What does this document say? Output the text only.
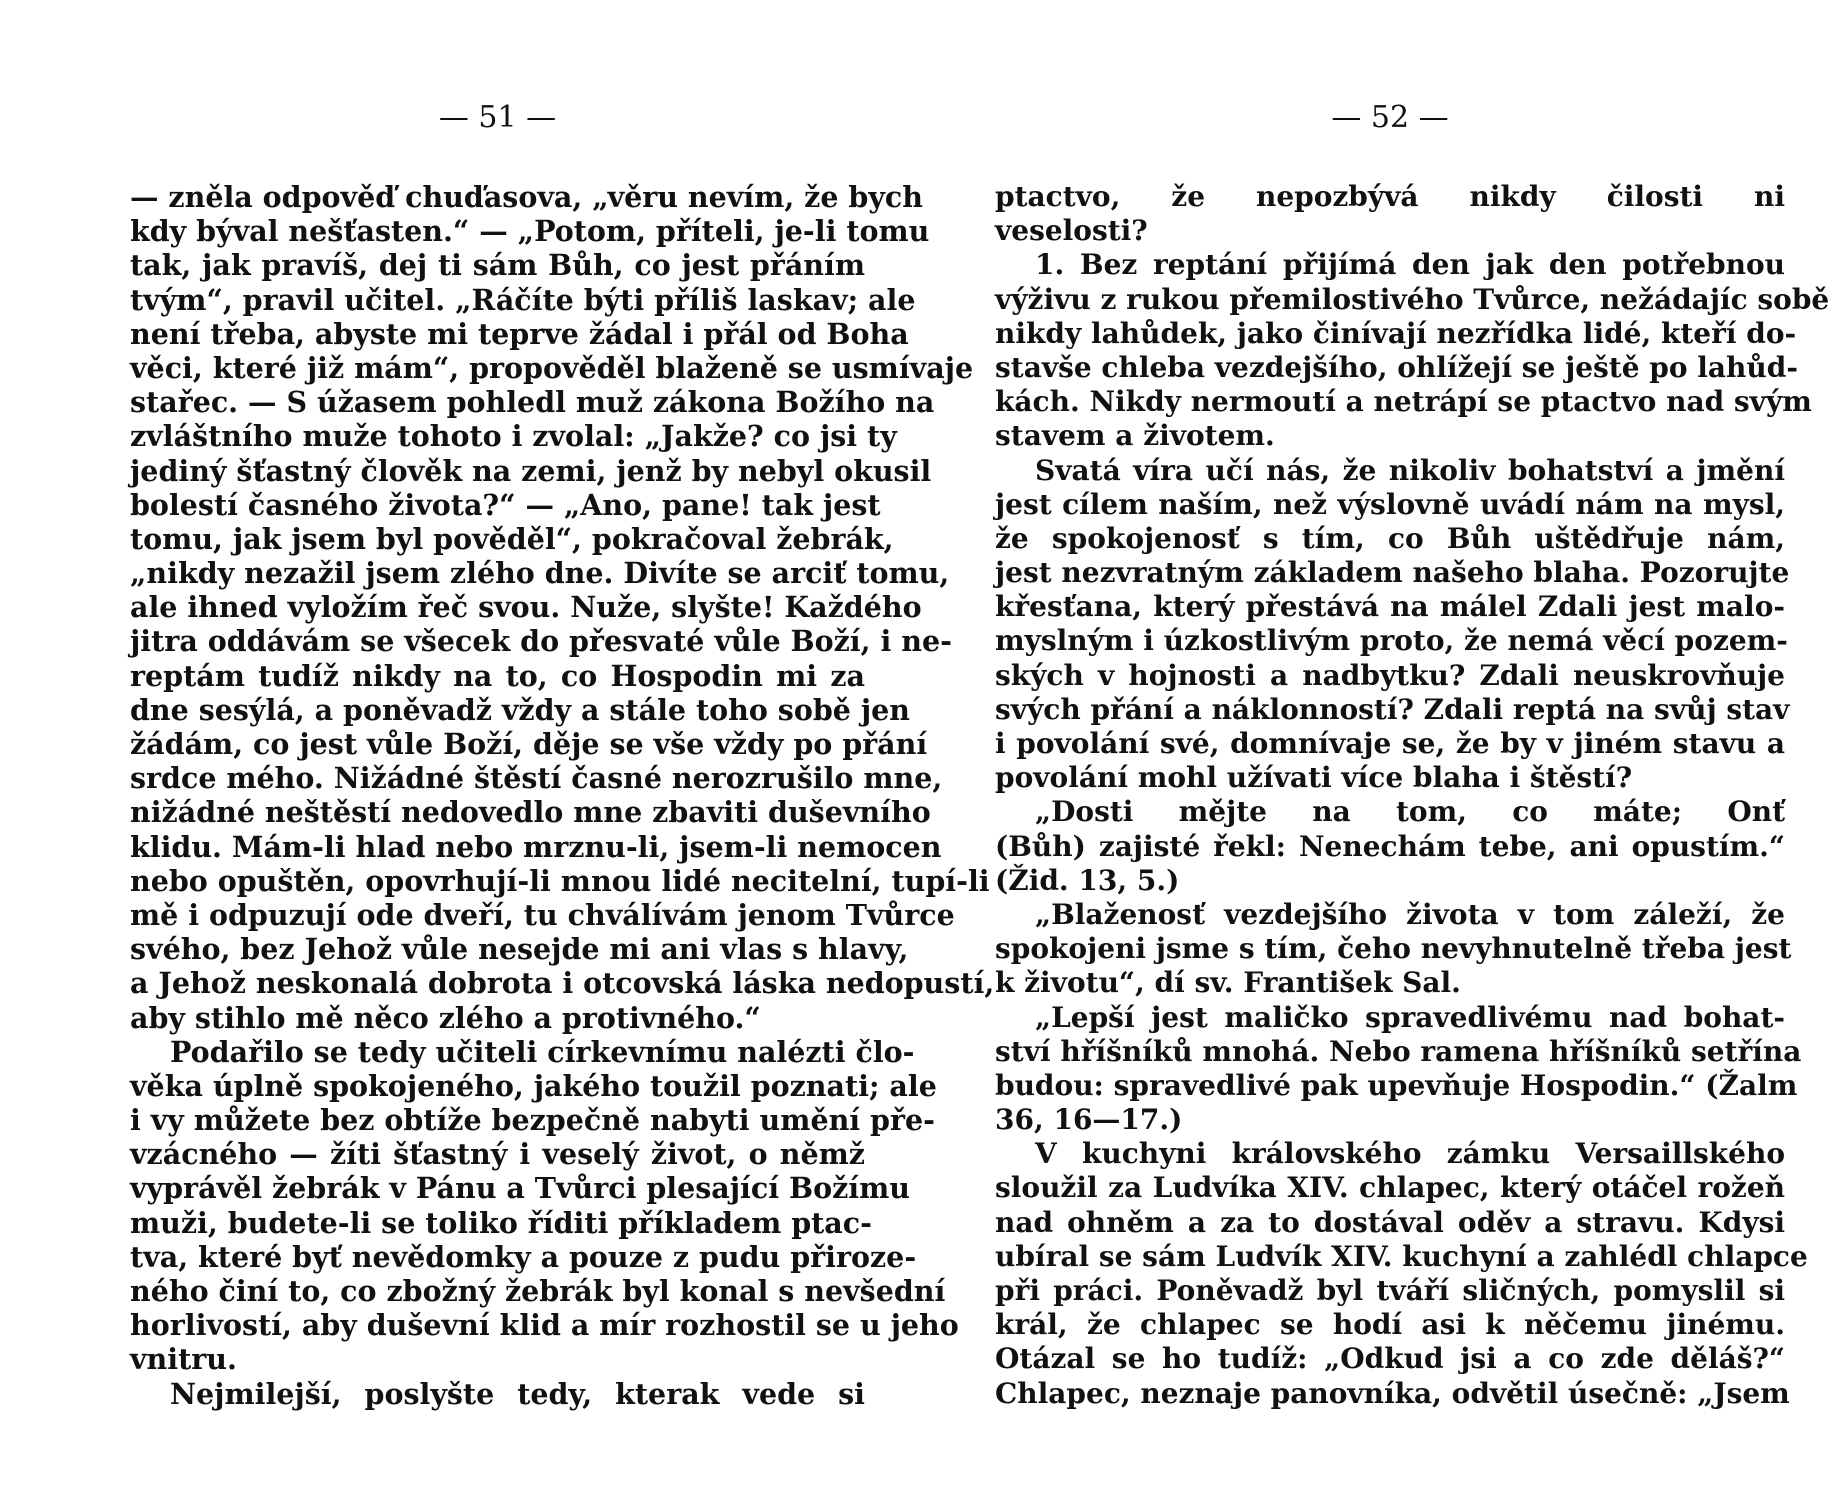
— 51 —
— zněla odpověď chuďasova, „věru nevím, že bych
kdy býval nešťasten.“ — „Potom, příteli, je-li tomu
tak, jak pravíš, dej ti sám Bůh, co jest přáním
tvým“, pravil učitel. „Ráčíte býti příliš laskav; ale
není třeba, abyste mi teprve žádal i přál od Boha
věci, které již mám“, propověděl blaženě se usmívaje
stařec. — S úžasem pohledl muž zákona Božího na
zvláštního muže tohoto i zvolal: „Jakže? co jsi ty
jediný šťastný člověk na zemi, jenž by nebyl okusil
bolestí časného života?“ — „Ano, pane! tak jest
tomu, jak jsem byl pověděl“, pokračoval žebrák,
„nikdy nezažil jsem zlého dne. Divíte se arciť tomu,
ale ihned vyložím řeč svou. Nuže, slyšte! Každého
jitra oddávám se všecek do přesvaté vůle Boží, i ne-
reptám tudíž nikdy na to, co Hospodin mi za
dne sesýlá, a poněvadž vždy a stále toho sobě jen
žádám, co jest vůle Boží, děje se vše vždy po přání
srdce mého. Nižádné štěstí časné nerozrušilo mne,
nižádné neštěstí nedovedlo mne zbaviti duševního
klidu. Mám-li hlad nebo mrznu-li, jsem-li nemocen
nebo opuštěn, opovrhují-li mnou lidé necitelní, tupí-li
mě i odpuzují ode dveří, tu chválívám jenom Tvůrce
svého, bez Jehož vůle nesejde mi ani vlas s hlavy,
a Jehož neskonalá dobrota i otcovská láska nedopustí,
aby stihlo mě něco zlého a protivného.“
Podařilo se tedy učiteli církevnímu nalézti člo-
věka úplně spokojeného, jakého toužil poznati; ale
i vy můžete bez obtíže bezpečně nabyti umění pře-
vzácného — žíti šťastný i veselý život, o němž
vyprávěl žebrák v Pánu a Tvůrci plesající Božímu
muži, budete-li se toliko říditi příkladem ptac-
tva, které byť nevědomky a pouze z pudu přiroze-
ného činí to, co zbožný žebrák byl konal s nevšední
horlivostí, aby duševní klid a mír rozhostil se u jeho
vnitru.
Nejmilejší, poslyšte tedy, kterak vede si
— 52 —
ptactvo, že nepozbývá nikdy čilosti ni
veselosti?
1. Bez reptání přijímá den jak den potřebnou
výživu z rukou přemilostivého Tvůrce, nežádajíc sobě
nikdy lahůdek, jako činívají nezřídka lidé, kteří do-
stavše chleba vezdejšího, ohlížejí se ještě po lahůd-
kách. Nikdy nermoutí a netrápí se ptactvo nad svým
stavem a životem.
Svatá víra učí nás, že nikoliv bohatství a jmění
jest cílem naším, než výslovně uvádí nám na mysl,
že spokojenosť s tím, co Bůh uštědřuje nám,
jest nezvratným základem našeho blaha. Pozorujte
křesťana, který přestává na málel Zdali jest malo-
myslným i úzkostlivým proto, že nemá věcí pozem-
ských v hojnosti a nadbytku? Zdali neuskrovňuje
svých přání a náklonností? Zdali reptá na svůj stav
i povolání své, domnívaje se, že by v jiném stavu a
povolání mohl užívati více blaha i štěstí?
„Dosti mějte na tom, co máte; Onť
(Bůh) zajisté řekl: Nenechám tebe, ani opustím.“
(Žid. 13, 5.)
„Blaženosť vezdejšího života v tom záleží, že
spokojeni jsme s tím, čeho nevyhnutelně třeba jest
k životu“, dí sv. František Sal.
„Lepší jest maličko spravedlivému nad bohat-
ství hříšníků mnohá. Nebo ramena hříšníků setřína
budou: spravedlivé pak upevňuje Hospodin.“ (Žalm
36, 16—17.)
V kuchyni královského zámku Versaillského
sloužil za Ludvíka XIV. chlapec, který otáčel rožeň
nad ohněm a za to dostával oděv a stravu. Kdysi
ubíral se sám Ludvík XIV. kuchyní a zahlédl chlapce
při práci. Poněvadž byl tváří sličných, pomyslil si
král, že chlapec se hodí asi k něčemu jinému.
Otázal se ho tudíž: „Odkud jsi a co zde děláš?“
Chlapec, neznaje panovníka, odvětil úsečně: „Jsem
